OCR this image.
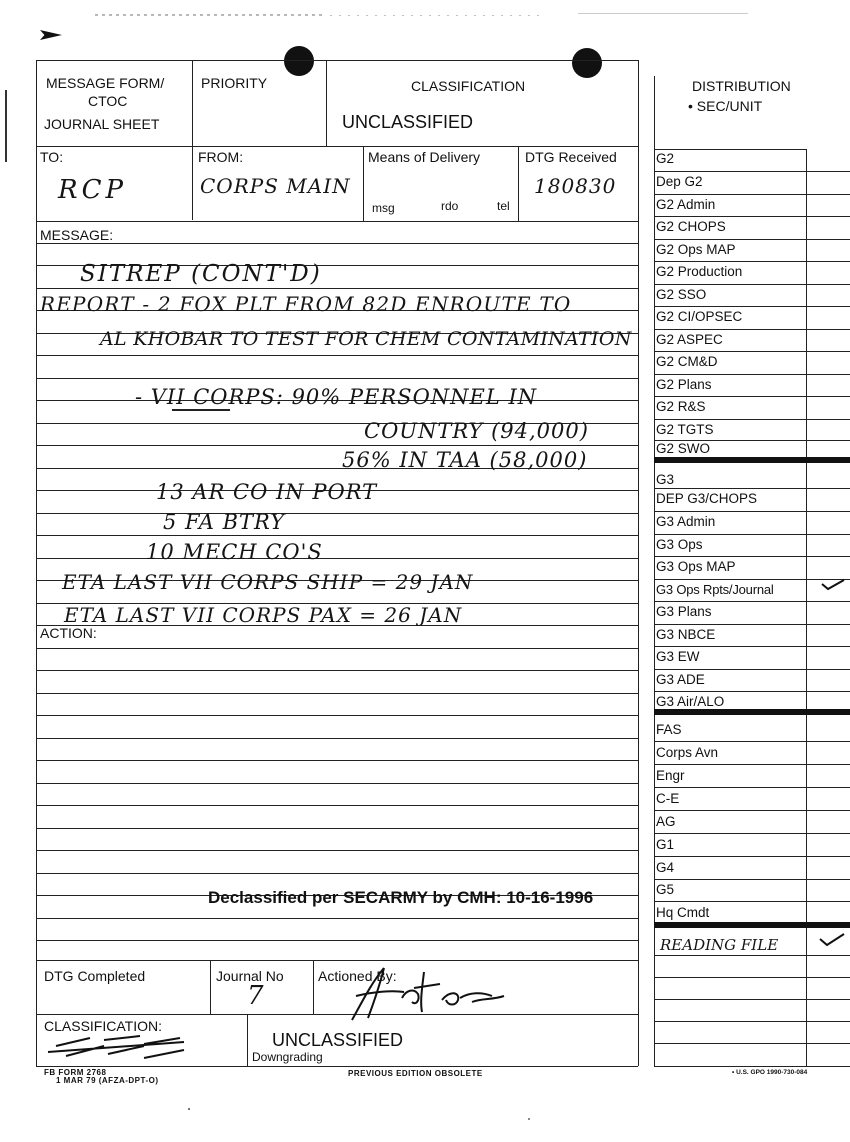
MESSAGE FORM/
CTOC
JOURNAL SHEET
PRIORITY	CLASSIFICATION
UNCLASSIFIED
TO:
RCP
FROM:
CORPS MAIN
Means of Delivery
msg	rdo	tel
DTG Received
180830
MESSAGE:
SITREP (CONT'D)
REPORT - 2 FOX PLT FROM 82D ENROUTE TO
AL KHOBAR TO TEST FOR CHEM CONTAMINATION
- VII CORPS: 90% PERSONNEL IN
COUNTRY (94,000)
56% IN TAA (58,000)
13 AR CO IN PORT
5 FA BTRY
10 MECH CO'S
ETA LAST VII CORPS SHIP = 29 JAN
ETA LAST VII CORPS PAX = 26 JAN
ACTION:
Declassified per SECARMY by CMH: 10-16-1996
DTG Completed	Journal No
7
Actioned By:
CLASSIFICATION:
UNCLASSIFIED
Downgrading
FB FORM 2768
1 MAR 79 (AFZA-DPT-O)
PREVIOUS EDITION OBSOLETE
DISTRIBUTION
• SEC/UNIT
G2
Dep G2
G2 Admin
G2 CHOPS
G2 Ops MAP
G2 Production
G2 SSO
G2 CI/OPSEC
G2 ASPEC
G2 CM&D
G2 Plans
G2 R&S
G2 TGTS
G2 SWO
G3
DEP G3/CHOPS
G3 Admin
G3 Ops
G3 Ops MAP
G3 Ops Rpts/Journal
G3 Plans
G3 NBCE
G3 EW
G3 ADE
G3 Air/ALO
FAS
Corps Avn
Engr
C-E
AG
G1
G4
G5
Hq Cmdt
READING FILE
• U.S. GPO 1990-730-084
